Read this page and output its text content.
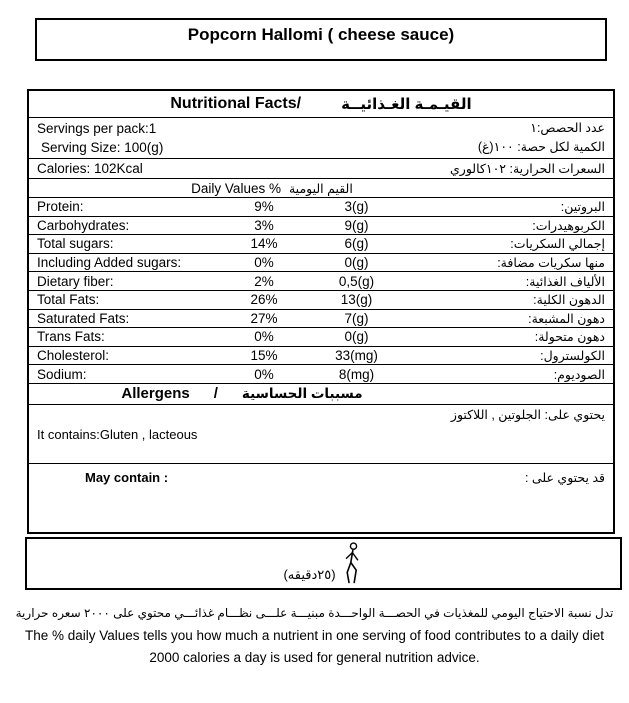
Popcorn Hallomi ( cheese sauce)
Nutritional Facts/	القيـمـة الغـذائيــة
Servings per pack:1
Serving Size: 100(g)
عدد الحصص:١
الكمية لكل حصة: ١٠٠(غ)
Calories: 102Kcal	السعرات الحرارية: ١٠٢كالوري
Daily Values % القيم اليومية
Protein:	9%	3(g)	البروتين:
Carbohydrates:	3%	9(g)	الكربوهيدرات:
Total sugars:	14%	6(g)	إجمالي السكريات:
Including Added sugars:	0%	0(g)	منها سكريات مضافة:
Dietary fiber:	2%	0,5(g)	الألياف الغذائية:
Total Fats:	26%	13(g)	الدهون الكلية:
Saturated Fats:	27%	7(g)	دهون المشبعة:
Trans Fats:	0%	0(g)	دهون متحولة:
Cholesterol:	15%	33(mg)	الكولسترول:
Sodium:	0%	8(mg)	الصوديوم:
Allergens / مسببات الحساسية
يحتوي على: الجلوتين , اللاكتوز
It contains:Gluten , lacteous
May contain :	قد يحتوي على :
(٢٥دقيقه)
تدل نسبة الاحتياج اليومي للمغذيات في الحصـــة الواحـــدة مبنيـــة علـــى نظـــام غذائـــي محتوي على ٢٠٠٠ سعره حرارية
The % daily Values tells you how much a nutrient in one serving of food contributes to a daily diet
2000 calories a day is used for general nutrition advice.
